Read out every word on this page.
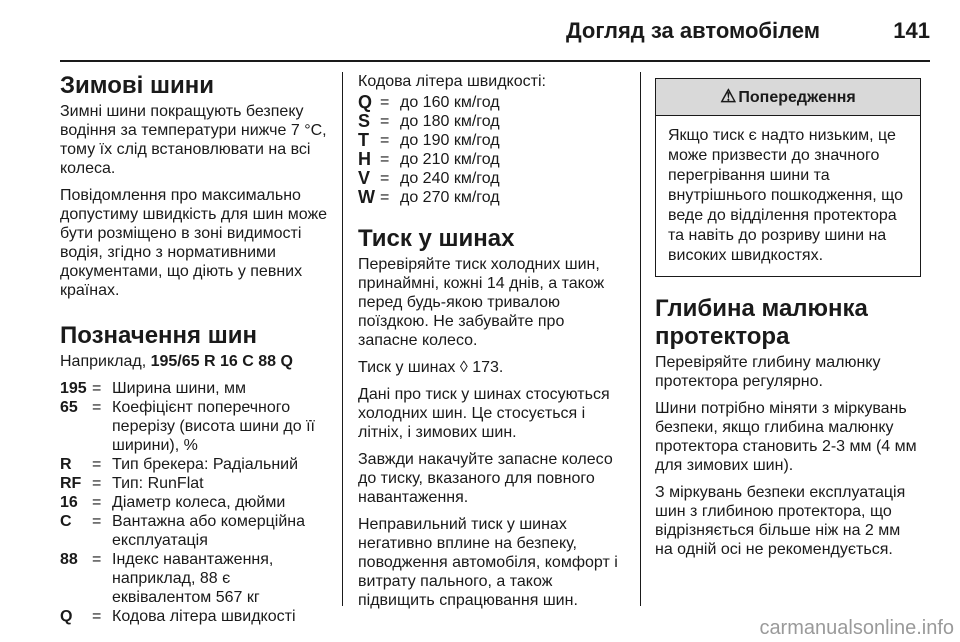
Догляд за автомобілем	141
Зимові шини

Зимні шини покращують безпеку водіння за температури нижче 7 °C, тому їх слід встановлювати на всі колеса.

Повідомлення про максимально допустиму швидкість для шин може бути розміщено в зоні видимості водія, згідно з нормативними документами, що діють у певних країнах.

Позначення шин

Наприклад, 195/65 R 16 C 88 Q

195 = Ширина шини, мм
65 = Коефіцієнт поперечного перерізу (висота шини до її ширини), %
R	= Тип брекера: Радіальний
RF = Тип: RunFlat
16 = Діаметр колеса, дюйми
C	= Вантажна або комерційна експлуатація
88 = Індекс навантаження, наприклад, 88 є еквівалентом 567 кг
Q	= Кодова літера швидкості

Кодова літера швидкості:

Q = до 160 км/год
S = до 180 км/год
T = до 190 км/год
H = до 210 км/год
V = до 240 км/год
W = до 270 км/год
Тиск у шинах

Перевіряйте тиск холодних шин, принаймні, кожні 14 днів, а також перед будь-якою тривалою поїздкою. Не забувайте про запасне колесо.

Тиск у шинах ◊ 173.

Дані про тиск у шинах стосуються холодних шин. Це стосується і літніх, і зимових шин.

Завжди накачуйте запасне колесо до тиску, вказаного для повного навантаження.

Неправильний тиск у шинах негативно вплине на безпеку, поводження автомобіля, комфорт і витрату пального, а також підвищить спрацювання шин.

⚠ Попередження
Якщо тиск є надто низьким, це може призвести до значного перегрівання шини та внутрішнього пошкодження, що веде до відділення протектора та навіть до розриву шини на високих швидкостях.
Глибина малюнка протектора

Перевіряйте глибину малюнку протектора регулярно.

Шини потрібно міняти з міркувань безпеки, якщо глибина малюнку протектора становить 2-3 мм (4 мм для зимових шин).

З міркувань безпеки експлуатація шин з глибиною протектора, що відрізняється більше ніж на 2 мм на одній осі не рекомендується.

carmanualsonline.info
